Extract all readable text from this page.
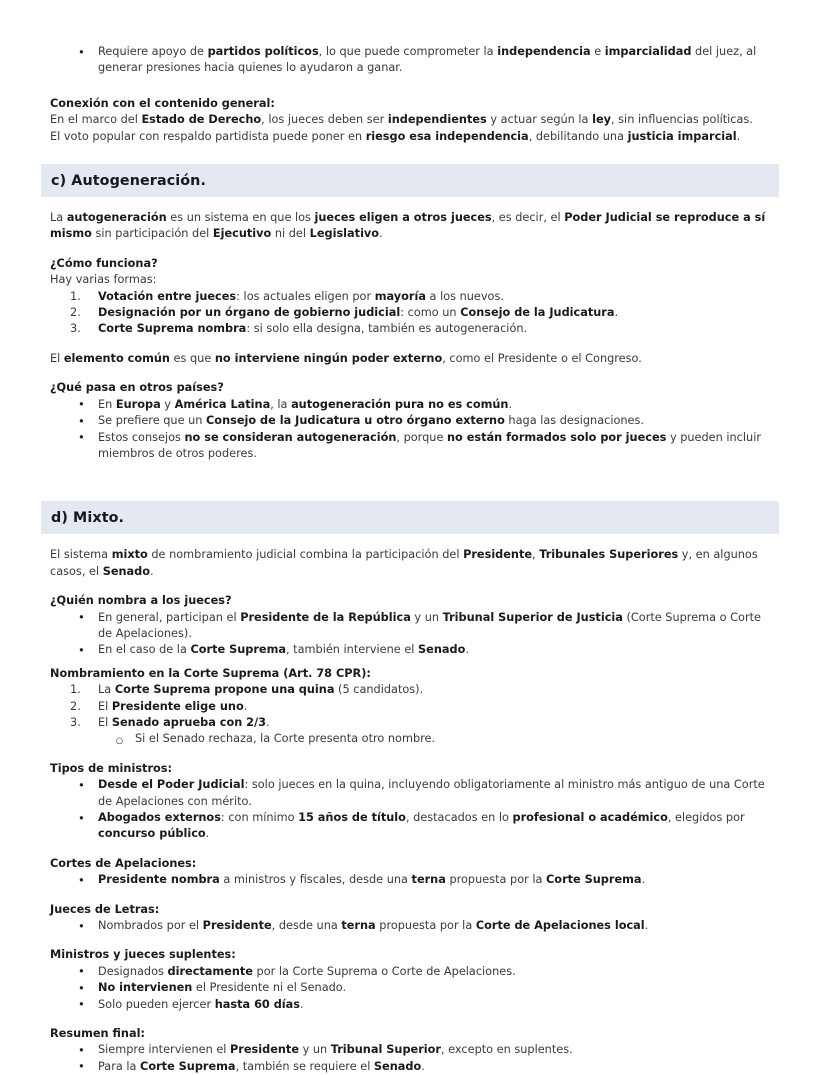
• Requiere apoyo de partidos políticos, lo que puede comprometer la independencia e imparcialidad del juez, al generar presiones hacia quienes lo ayudaron a ganar.
Conexión con el contenido general:
En el marco del Estado de Derecho, los jueces deben ser independientes y actuar según la ley, sin influencias políticas.
El voto popular con respaldo partidista puede poner en riesgo esa independencia, debilitando una justicia imparcial.
c) Autogeneración.
La autogeneración es un sistema en que los jueces eligen a otros jueces, es decir, el Poder Judicial se reproduce a sí mismo sin participación del Ejecutivo ni del Legislativo.
¿Cómo funciona?
Hay varias formas:
Votación entre jueces: los actuales eligen por mayoría a los nuevos.
Designación por un órgano de gobierno judicial: como un Consejo de la Judicatura.
Corte Suprema nombra: si solo ella designa, también es autogeneración.
El elemento común es que no interviene ningún poder externo, como el Presidente o el Congreso.
¿Qué pasa en otros países?
• En Europa y América Latina, la autogeneración pura no es común.
• Se prefiere que un Consejo de la Judicatura u otro órgano externo haga las designaciones.
• Estos consejos no se consideran autogeneración, porque no están formados solo por jueces y pueden incluir miembros de otros poderes.
d) Mixto.
El sistema mixto de nombramiento judicial combina la participación del Presidente, Tribunales Superiores y, en algunos casos, el Senado.
¿Quién nombra a los jueces?
• En general, participan el Presidente de la República y un Tribunal Superior de Justicia (Corte Suprema o Corte de Apelaciones).
• En el caso de la Corte Suprema, también interviene el Senado.
Nombramiento en la Corte Suprema (Art. 78 CPR):
La Corte Suprema propone una quina (5 candidatos).
El Presidente elige uno.
El Senado aprueba con 2/3.
○ Si el Senado rechaza, la Corte presenta otro nombre.
Tipos de ministros:
• Desde el Poder Judicial: solo jueces en la quina, incluyendo obligatoriamente al ministro más antiguo de una Corte de Apelaciones con mérito.
• Abogados externos: con mínimo 15 años de título, destacados en lo profesional o académico, elegidos por concurso público.
Cortes de Apelaciones:
• Presidente nombra a ministros y fiscales, desde una terna propuesta por la Corte Suprema.
Jueces de Letras:
• Nombrados por el Presidente, desde una terna propuesta por la Corte de Apelaciones local.
Ministros y jueces suplentes:
• Designados directamente por la Corte Suprema o Corte de Apelaciones.
• No intervienen el Presidente ni el Senado.
• Solo pueden ejercer hasta 60 días.
Resumen final:
• Siempre intervienen el Presidente y un Tribunal Superior, excepto en suplentes.
• Para la Corte Suprema, también se requiere el Senado.
